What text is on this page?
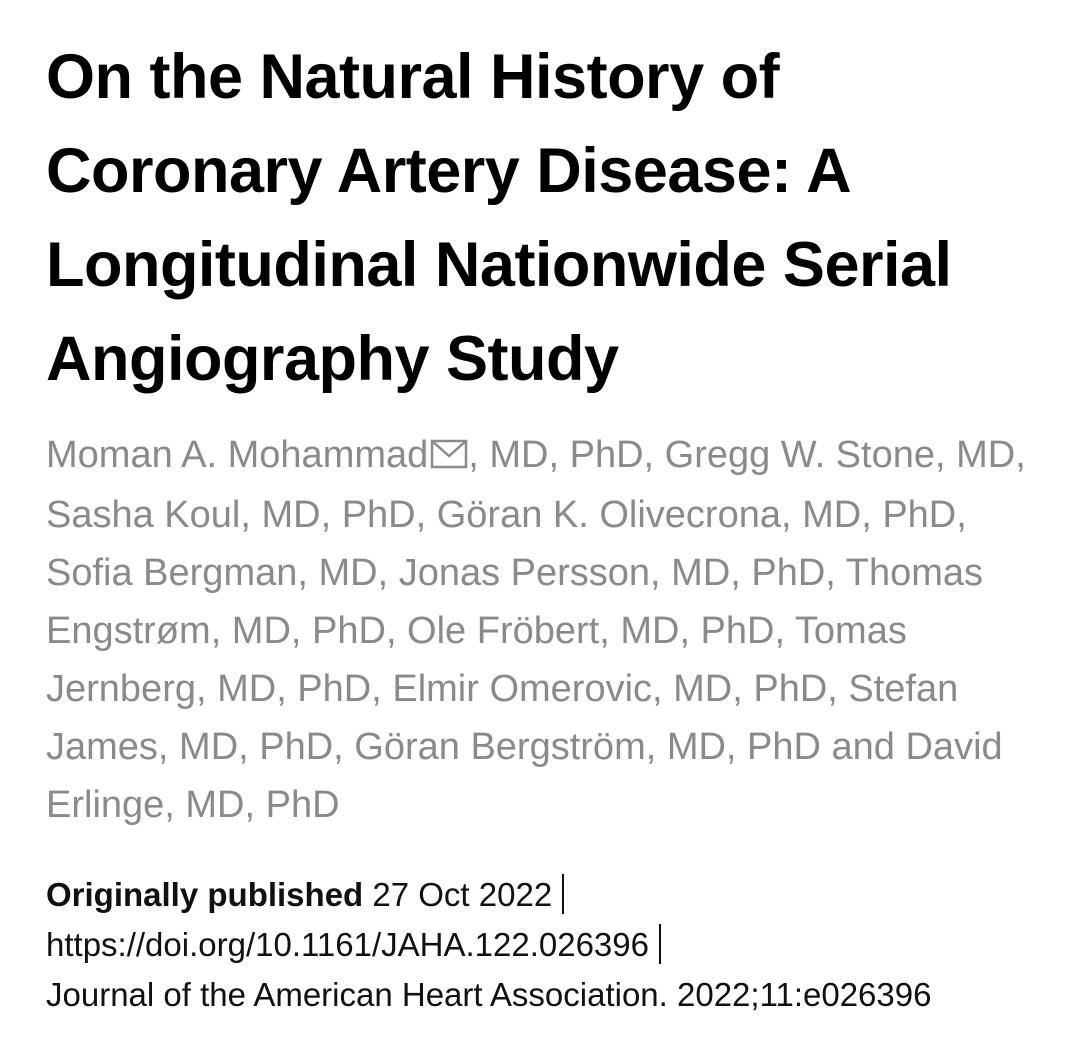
On the Natural History of Coronary Artery Disease: A Longitudinal Nationwide Serial Angiography Study
Moman A. Mohammad , MD, PhD, Gregg W. Stone, MD, Sasha Koul, MD, PhD, Göran K. Olivecrona, MD, PhD, Sofia Bergman, MD, Jonas Persson, MD, PhD, Thomas Engstrøm, MD, PhD, Ole Fröbert, MD, PhD, Tomas Jernberg, MD, PhD, Elmir Omerovic, MD, PhD, Stefan James, MD, PhD, Göran Bergström, MD, PhD and David Erlinge, MD, PhD
Originally published 27 Oct 2022
https://doi.org/10.1161/JAHA.122.026396
Journal of the American Heart Association. 2022;11:e026396
